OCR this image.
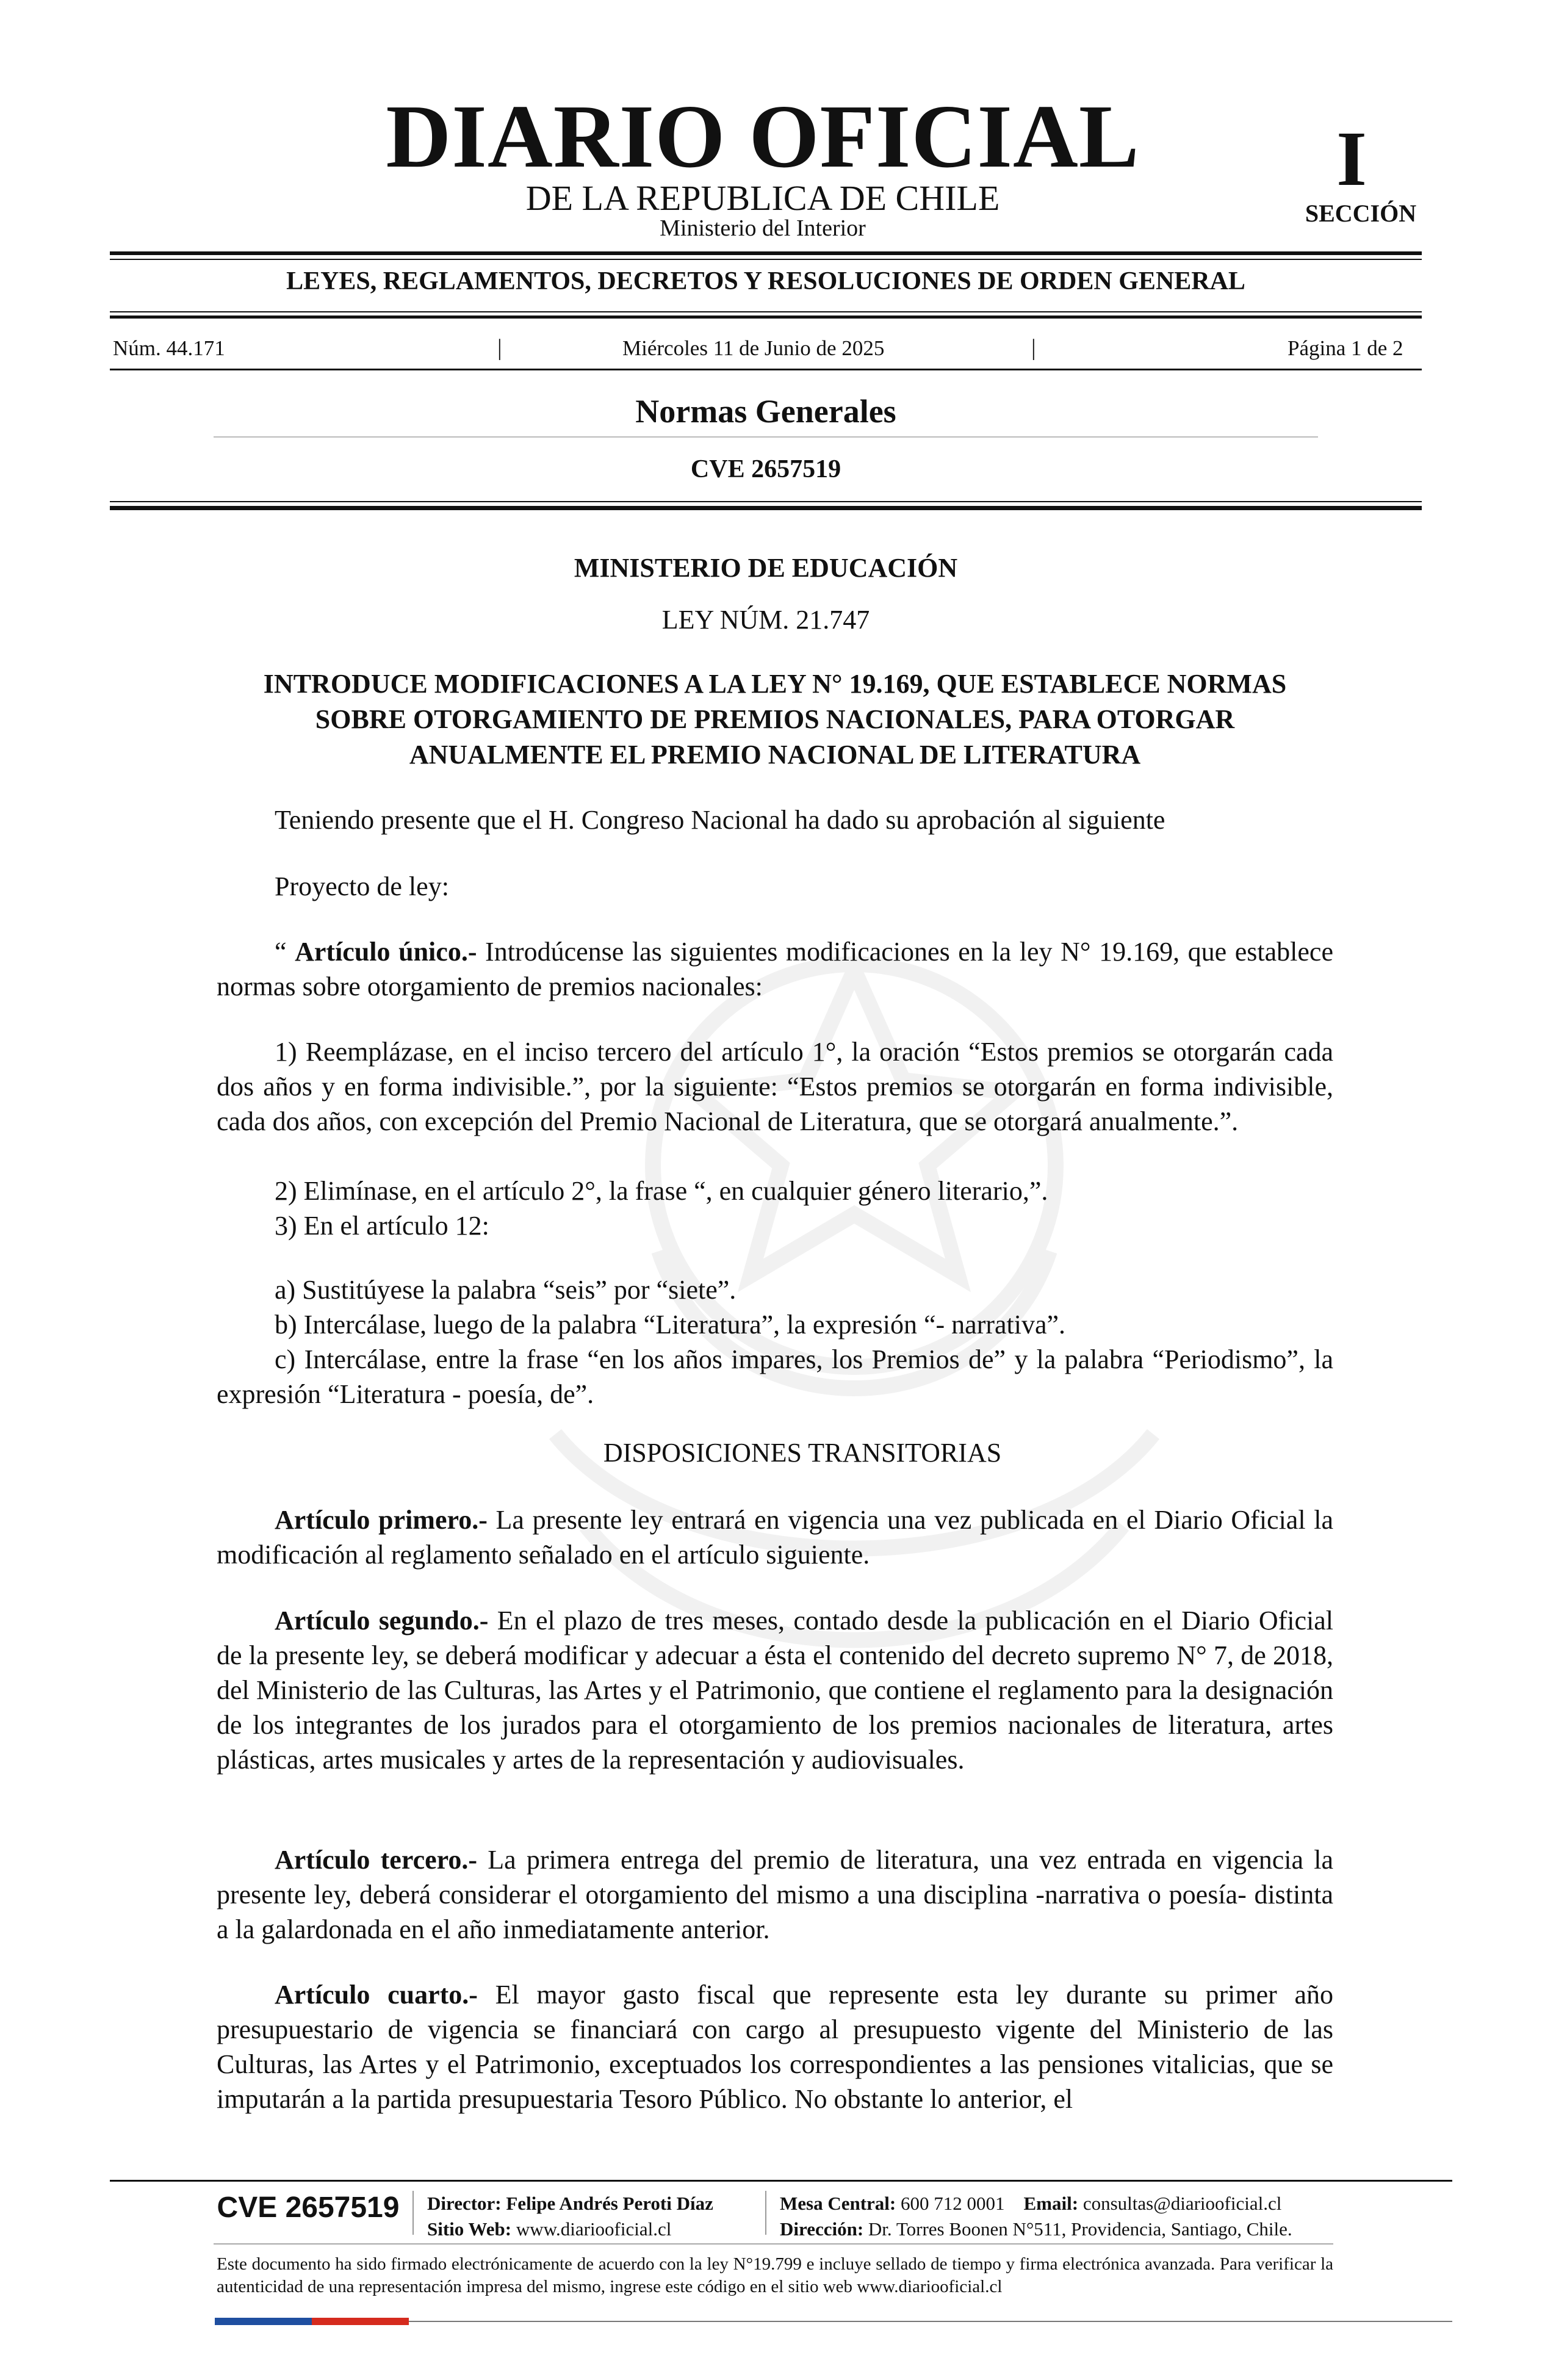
DIARIO OFICIAL
DE LA REPUBLICA DE CHILE
Ministerio del Interior
I
SECCIÓN
LEYES, REGLAMENTOS, DECRETOS Y RESOLUCIONES DE ORDEN GENERAL
Núm. 44.171	|	Miércoles 11 de Junio de 2025	|	Página 1 de 2
Normas Generales
CVE 2657519
MINISTERIO DE EDUCACIÓN
LEY NÚM. 21.747
INTRODUCE MODIFICACIONES A LA LEY N° 19.169, QUE ESTABLECE NORMAS SOBRE OTORGAMIENTO DE PREMIOS NACIONALES, PARA OTORGAR ANUALMENTE EL PREMIO NACIONAL DE LITERATURA
Teniendo presente que el H. Congreso Nacional ha dado su aprobación al siguiente
Proyecto de ley:
“ Artículo único.- Introdúcense las siguientes modificaciones en la ley N° 19.169, que establece normas sobre otorgamiento de premios nacionales:
1) Reemplázase, en el inciso tercero del artículo 1°, la oración “Estos premios se otorgarán cada dos años y en forma indivisible.”, por la siguiente: “Estos premios se otorgarán en forma indivisible, cada dos años, con excepción del Premio Nacional de Literatura, que se otorgará anualmente.”.
2) Elimínase, en el artículo 2°, la frase “, en cualquier género literario,”.
3) En el artículo 12:
a) Sustitúyese la palabra “seis” por “siete”.
b) Intercálase, luego de la palabra “Literatura”, la expresión “- narrativa”.
c) Intercálase, entre la frase “en los años impares, los Premios de” y la palabra “Periodismo”, la expresión “Literatura - poesía, de”.
DISPOSICIONES TRANSITORIAS
Artículo primero.- La presente ley entrará en vigencia una vez publicada en el Diario Oficial la modificación al reglamento señalado en el artículo siguiente.
Artículo segundo.- En el plazo de tres meses, contado desde la publicación en el Diario Oficial de la presente ley, se deberá modificar y adecuar a ésta el contenido del decreto supremo N° 7, de 2018, del Ministerio de las Culturas, las Artes y el Patrimonio, que contiene el reglamento para la designación de los integrantes de los jurados para el otorgamiento de los premios nacionales de literatura, artes plásticas, artes musicales y artes de la representación y audiovisuales.
Artículo tercero.- La primera entrega del premio de literatura, una vez entrada en vigencia la presente ley, deberá considerar el otorgamiento del mismo a una disciplina -narrativa o poesía- distinta a la galardonada en el año inmediatamente anterior.
Artículo cuarto.- El mayor gasto fiscal que represente esta ley durante su primer año presupuestario de vigencia se financiará con cargo al presupuesto vigente del Ministerio de las Culturas, las Artes y el Patrimonio, exceptuados los correspondientes a las pensiones vitalicias, que se imputarán a la partida presupuestaria Tesoro Público. No obstante lo anterior, el
CVE 2657519	Director: Felipe Andrés Peroti Díaz
Sitio Web: www.diariooficial.cl
Mesa Central: 600 712 0001 Email: consultas@diariooficial.cl
Dirección: Dr. Torres Boonen N°511, Providencia, Santiago, Chile.
Este documento ha sido firmado electrónicamente de acuerdo con la ley N°19.799 e incluye sellado de tiempo y firma electrónica avanzada. Para verificar la autenticidad de una representación impresa del mismo, ingrese este código en el sitio web www.diariooficial.cl
